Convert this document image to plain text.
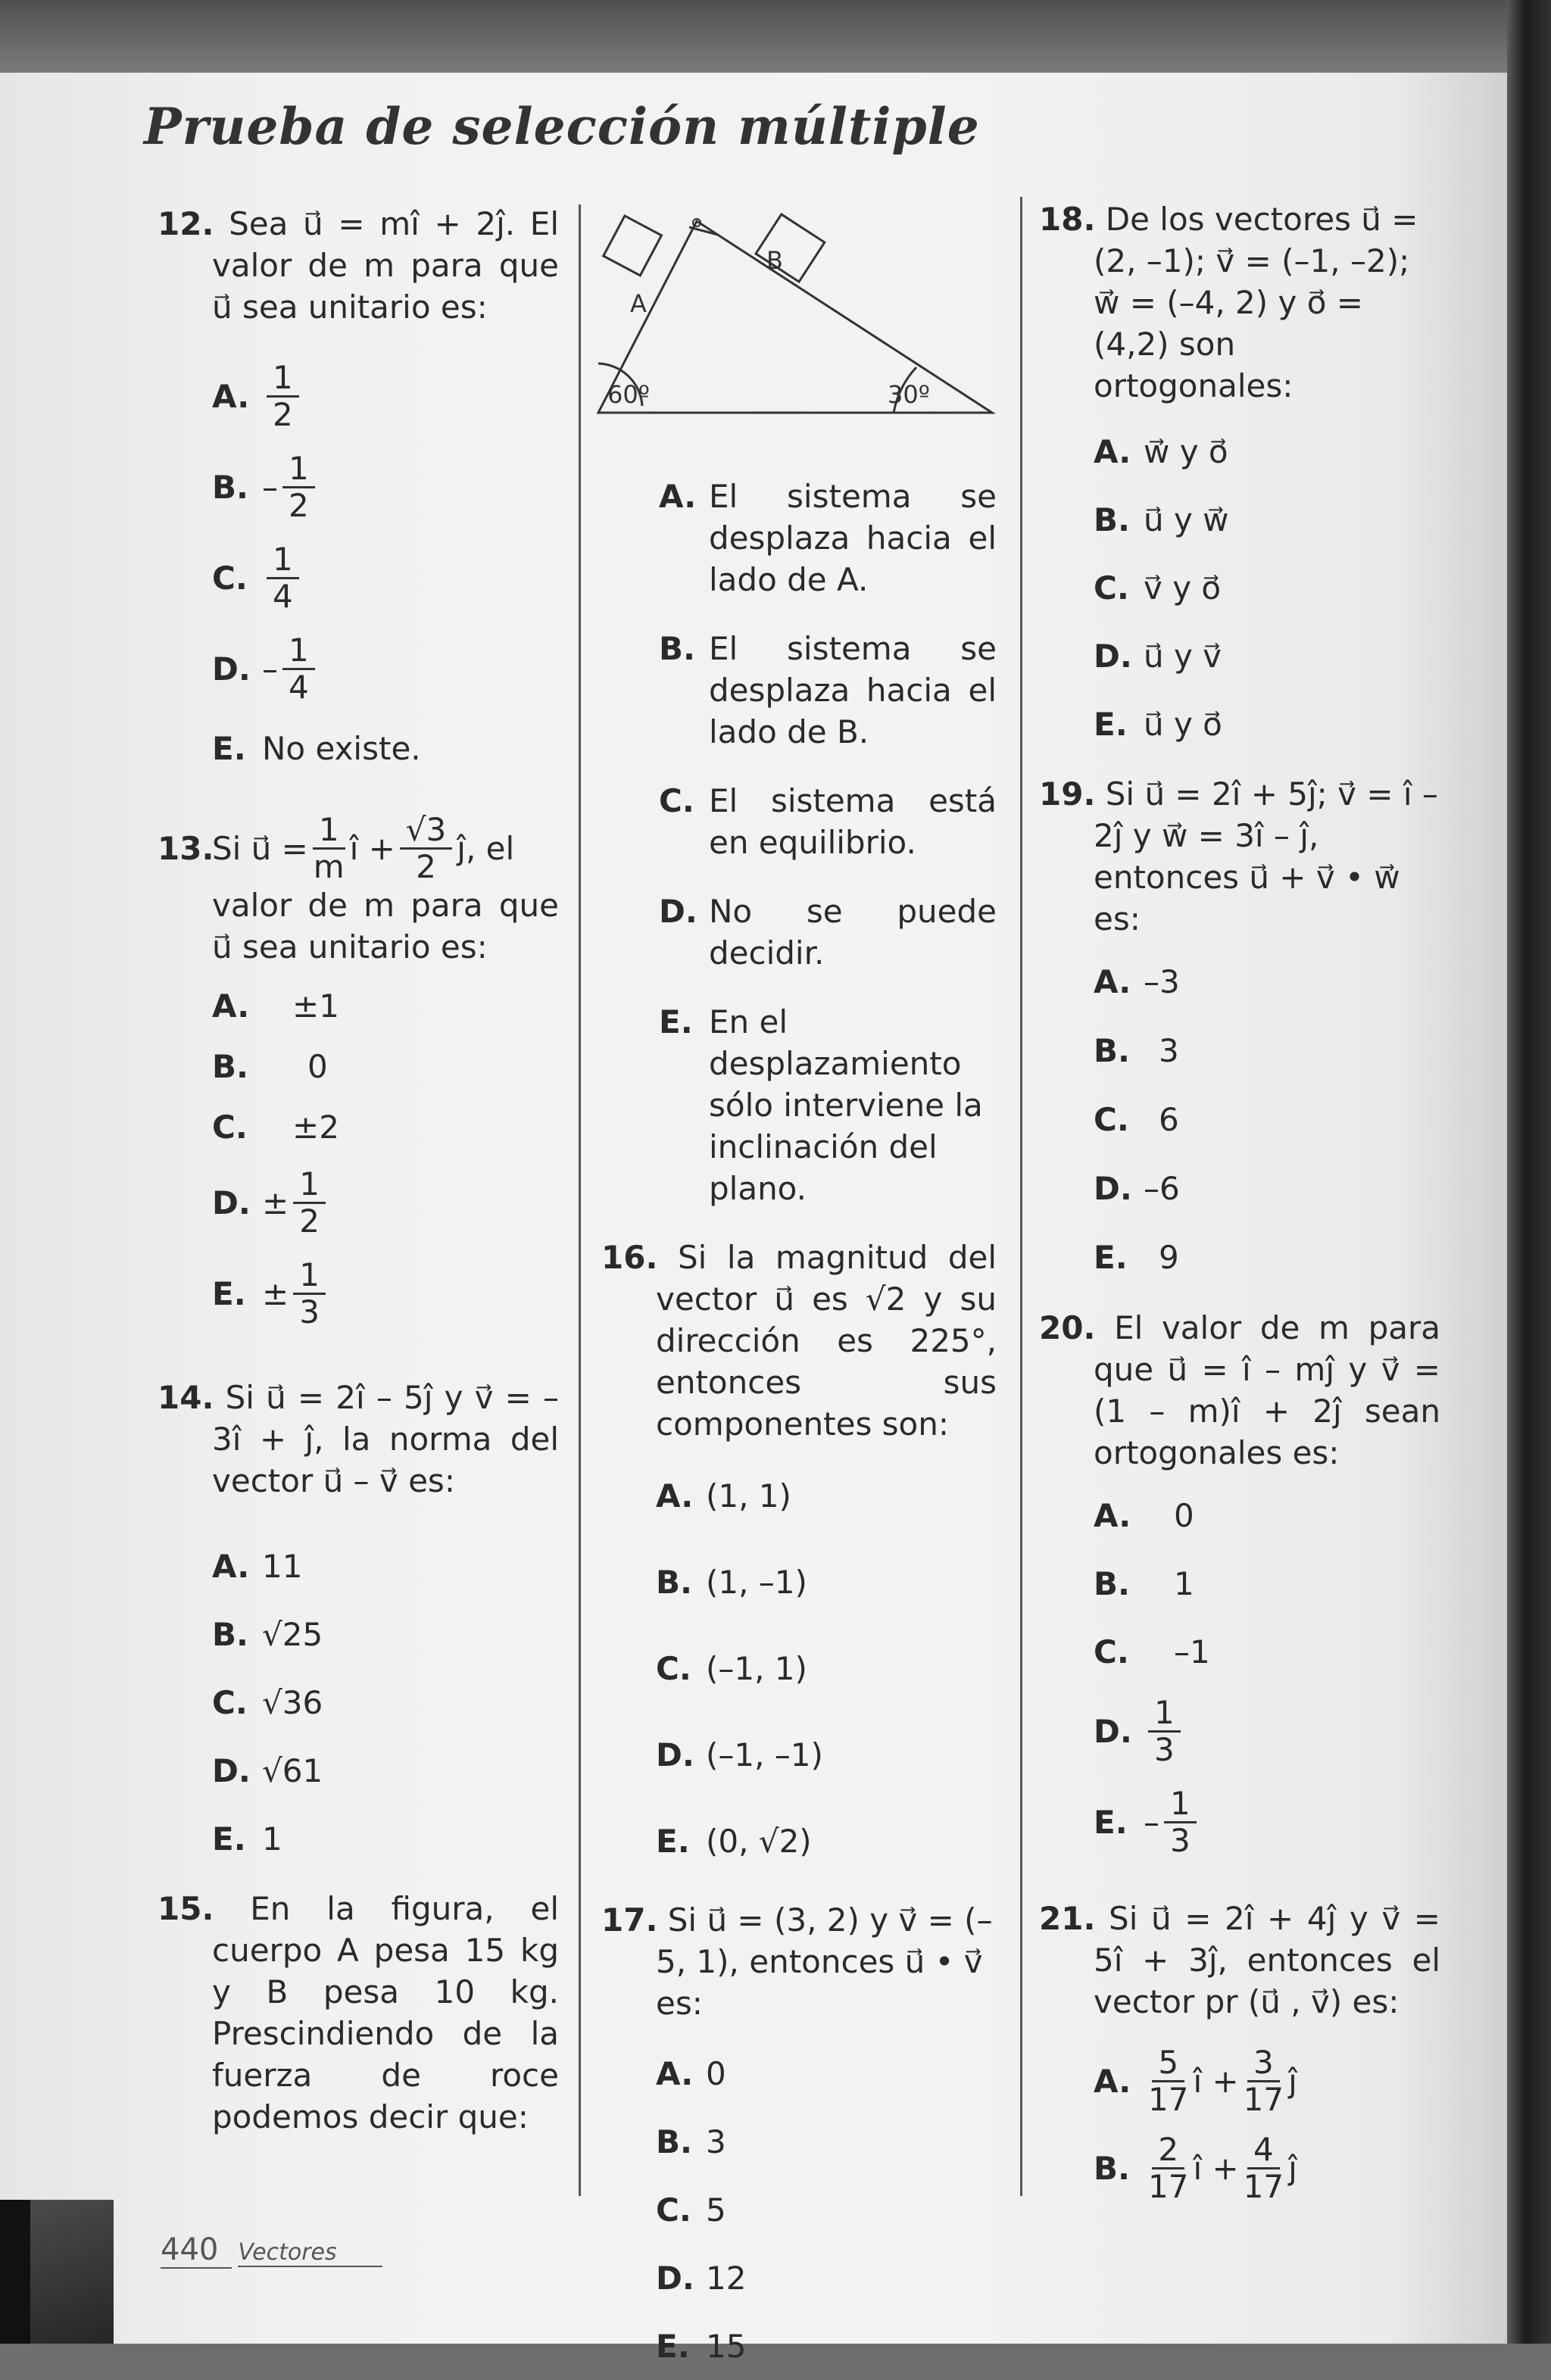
Prueba de selección múltiple
12. Sea u⃗ = mî + 2ĵ. El valor de m para que u⃗ sea unitario es:
A. $\frac{1}{2}$
B. – $\frac{1}{2}$
C. $\frac{1}{4}$
D. – $\frac{1}{4}$
E. No existe.
13.
Si u⃗ = $\frac{1}{m}$ î + $\frac{√3}{2}$ ĵ, el
valor de m para que u⃗ sea unitario es:
A.	±1
B.	0
C.	±2
D. ± $\frac{1}{2}$
E. ± $\frac{1}{3}$
14. Si u⃗ = 2î – 5ĵ y v⃗ = –3î + ĵ, la norma del vector u⃗ – v⃗ es:
A. 11
B. √25
C. √36
D. √61
E. 1
15. En la figura, el cuerpo A pesa 15 kg y B pesa 10 kg. Prescindiendo de la fuerza de roce podemos decir que:
60º	30º
A
B
A. El sistema se desplaza hacia el lado de A.
B. El sistema se desplaza hacia el lado de B.
C. El sistema está en equilibrio.
D. No se puede decidir.
E. En el desplazamiento sólo interviene la inclinación del plano.
16. Si la magnitud del vector u⃗ es √2 y su dirección es 225°, entonces sus componentes son:
A. (1, 1)
B. (1, –1)
C. (–1, 1)
D. (–1, –1)
E. (0, √2)
17. Si u⃗ = (3, 2) y v⃗ = (–5, 1), entonces u⃗ • v⃗ es:
A. 0
B. 3
C. 5
D. 12
E. 15
18. De los vectores u⃗ = (2, –1); v⃗ = (–1, –2); w⃗ = (–4, 2) y o⃗ = (4,2) son ortogonales:
A. w⃗ y o⃗
B. u⃗ y w⃗
C. v⃗ y o⃗
D. u⃗ y v⃗
E. u⃗ y o⃗
19. Si u⃗ = 2î + 5ĵ; v⃗ = î – 2ĵ y w⃗ = 3î – ĵ, entonces u⃗ + v⃗ • w⃗ es:
A. –3
B. 3
C. 6
D. –6
E. 9
20. El valor de m para que u⃗ = î – mĵ y v⃗ = (1 – m)î + 2ĵ sean ortogonales es:
A.	0
B.	1
C.	–1
D. $\frac{1}{3}$
E. – $\frac{1}{3}$
21. Si u⃗ = 2î + 4ĵ y v⃗ = 5î + 3ĵ, entonces el vector pr (u⃗ , v⃗) es:
A. $\frac{5}{17}$ î + $\frac{3}{17}$ ĵ
B. $\frac{2}{17}$ î + $\frac{4}{17}$ ĵ
440 Vectores
